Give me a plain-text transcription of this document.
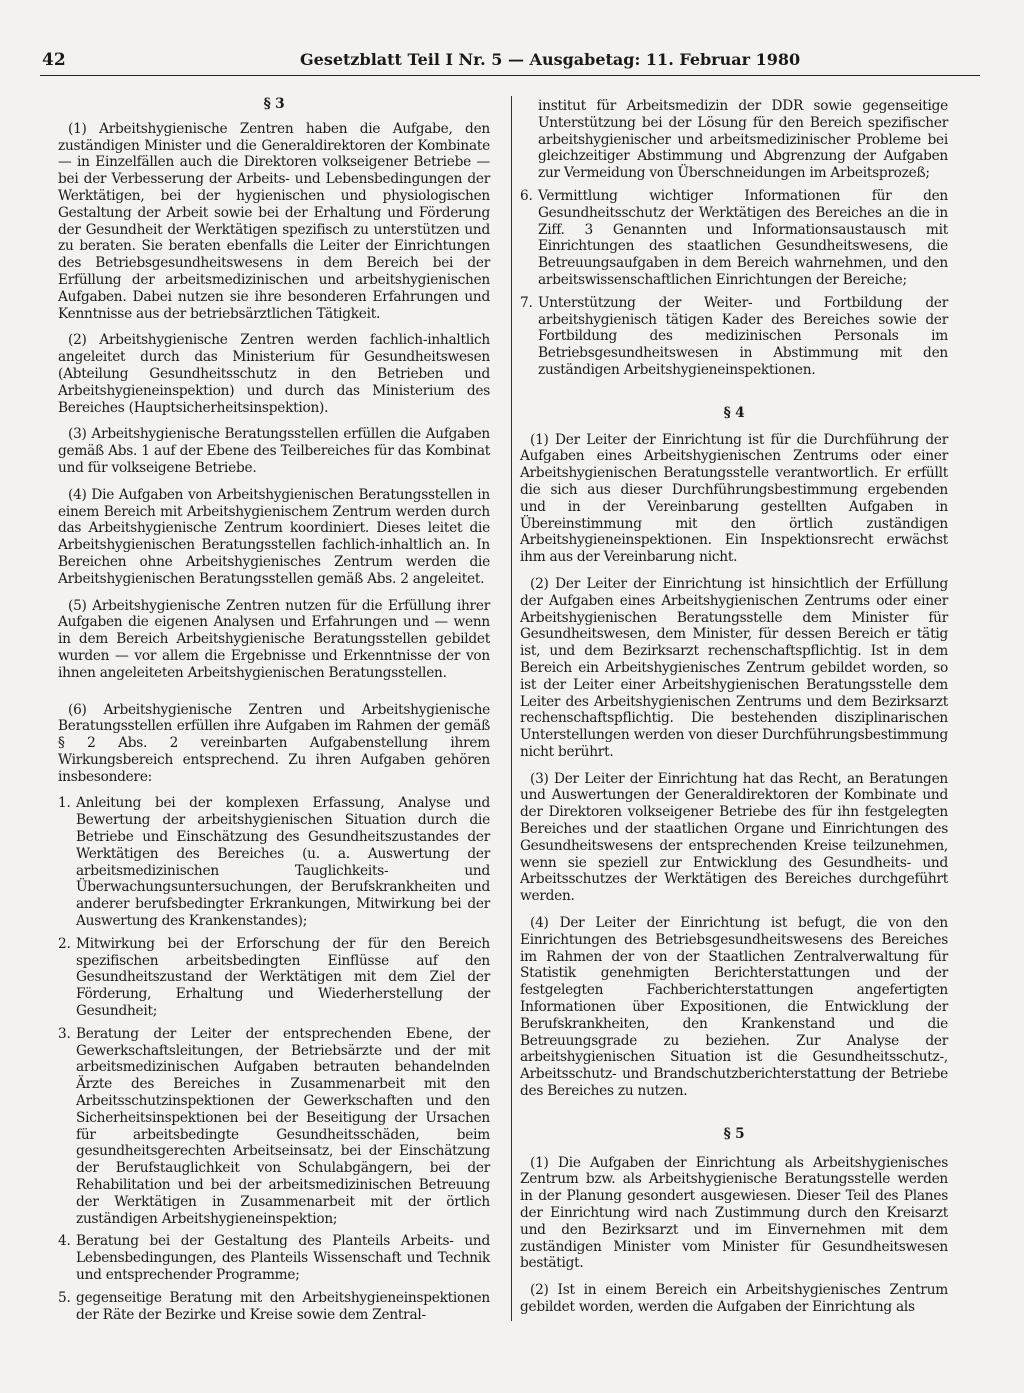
42	Gesetzblatt Teil I Nr. 5 — Ausgabetag: 11. Februar 1980
§ 3

(1) Arbeitshygienische Zentren haben die Aufgabe, den zuständigen Minister und die Generaldirektoren der Kombinate — in Einzelfällen auch die Direktoren volkseigener Betriebe — bei der Verbesserung der Arbeits- und Lebensbedingungen der Werktätigen, bei der hygienischen und physiologischen Gestaltung der Arbeit sowie bei der Erhaltung und Förderung der Gesundheit der Werktätigen spezifisch zu unterstützen und zu beraten. Sie beraten ebenfalls die Leiter der Einrichtungen des Betriebsgesundheitswesens in dem Bereich bei der Erfüllung der arbeitsmedizinischen und arbeitshygienischen Aufgaben. Dabei nutzen sie ihre besonderen Erfahrungen und Kenntnisse aus der betriebsärztlichen Tätigkeit.

(2) Arbeitshygienische Zentren werden fachlich-inhaltlich angeleitet durch das Ministerium für Gesundheitswesen (Abteilung Gesundheitsschutz in den Betrieben und Arbeitshygieneinspektion) und durch das Ministerium des Bereiches (Hauptsicherheitsinspektion).

(3) Arbeitshygienische Beratungsstellen erfüllen die Aufgaben gemäß Abs. 1 auf der Ebene des Teilbereiches für das Kombinat und für volkseigene Betriebe.

(4) Die Aufgaben von Arbeitshygienischen Beratungsstellen in einem Bereich mit Arbeitshygienischem Zentrum werden durch das Arbeitshygienische Zentrum koordiniert. Dieses leitet die Arbeitshygienischen Beratungsstellen fachlich-inhaltlich an. In Bereichen ohne Arbeitshygienisches Zentrum werden die Arbeitshygienischen Beratungsstellen gemäß Abs. 2 angeleitet.

(5) Arbeitshygienische Zentren nutzen für die Erfüllung ihrer Aufgaben die eigenen Analysen und Erfahrungen und — wenn in dem Bereich Arbeitshygienische Beratungsstellen gebildet wurden — vor allem die Ergebnisse und Erkenntnisse der von ihnen angeleiteten Arbeitshygienischen Beratungsstellen.

(6) Arbeitshygienische Zentren und Arbeitshygienische Beratungsstellen erfüllen ihre Aufgaben im Rahmen der gemäß § 2 Abs. 2 vereinbarten Aufgabenstellung ihrem Wirkungsbereich entsprechend. Zu ihren Aufgaben gehören insbesondere:

1. Anleitung bei der komplexen Erfassung, Analyse und Bewertung der arbeitshygienischen Situation durch die Betriebe und Einschätzung des Gesundheitszustandes der Werktätigen des Bereiches (u. a. Auswertung der arbeitsmedizinischen Tauglichkeits- und Überwachungsuntersuchungen, der Berufskrankheiten und anderer berufsbedingter Erkrankungen, Mitwirkung bei der Auswertung des Krankenstandes);
2. Mitwirkung bei der Erforschung der für den Bereich spezifischen arbeitsbedingten Einflüsse auf den Gesundheitszustand der Werktätigen mit dem Ziel der Förderung, Erhaltung und Wiederherstellung der Gesundheit;
3. Beratung der Leiter der entsprechenden Ebene, der Gewerkschaftsleitungen, der Betriebsärzte und der mit arbeitsmedizinischen Aufgaben betrauten behandelnden Ärzte des Bereiches in Zusammenarbeit mit den Arbeitsschutzinspektionen der Gewerkschaften und den Sicherheitsinspektionen bei der Beseitigung der Ursachen für arbeitsbedingte Gesundheitsschäden, beim gesundheitsgerechten Arbeitseinsatz, bei der Einschätzung der Berufstauglichkeit von Schulabgängern, bei der Rehabilitation und bei der arbeitsmedizinischen Betreuung der Werktätigen in Zusammenarbeit mit der örtlich zuständigen Arbeitshygieneinspektion;
4. Beratung bei der Gestaltung des Planteils Arbeits- und Lebensbedingungen, des Planteils Wissenschaft und Technik und entsprechender Programme;
5. gegenseitige Beratung mit den Arbeitshygieneinspektionen der Räte der Bezirke und Kreise sowie dem Zentral-
institut für Arbeitsmedizin der DDR sowie gegenseitige Unterstützung bei der Lösung für den Bereich spezifischer arbeitshygienischer und arbeitsmedizinischer Probleme bei gleichzeitiger Abstimmung und Abgrenzung der Aufgaben zur Vermeidung von Überschneidungen im Arbeitsprozeß;
6. Vermittlung wichtiger Informationen für den Gesundheitsschutz der Werktätigen des Bereiches an die in Ziff. 3 Genannten und Informationsaustausch mit Einrichtungen des staatlichen Gesundheitswesens, die Betreuungsaufgaben in dem Bereich wahrnehmen, und den arbeitswissenschaftlichen Einrichtungen der Bereiche;
7. Unterstützung der Weiter- und Fortbildung der arbeitshygienisch tätigen Kader des Bereiches sowie der Fortbildung des medizinischen Personals im Betriebsgesundheitswesen in Abstimmung mit den zuständigen Arbeitshygieneinspektionen.
§ 4

(1) Der Leiter der Einrichtung ist für die Durchführung der Aufgaben eines Arbeitshygienischen Zentrums oder einer Arbeitshygienischen Beratungsstelle verantwortlich. Er erfüllt die sich aus dieser Durchführungsbestimmung ergebenden und in der Vereinbarung gestellten Aufgaben in Übereinstimmung mit den örtlich zuständigen Arbeitshygieneinspektionen. Ein Inspektionsrecht erwächst ihm aus der Vereinbarung nicht.

(2) Der Leiter der Einrichtung ist hinsichtlich der Erfüllung der Aufgaben eines Arbeitshygienischen Zentrums oder einer Arbeitshygienischen Beratungsstelle dem Minister für Gesundheitswesen, dem Minister, für dessen Bereich er tätig ist, und dem Bezirksarzt rechenschaftspflichtig. Ist in dem Bereich ein Arbeitshygienisches Zentrum gebildet worden, so ist der Leiter einer Arbeitshygienischen Beratungsstelle dem Leiter des Arbeitshygienischen Zentrums und dem Bezirksarzt rechenschaftspflichtig. Die bestehenden disziplinarischen Unterstellungen werden von dieser Durchführungsbestimmung nicht berührt.

(3) Der Leiter der Einrichtung hat das Recht, an Beratungen und Auswertungen der Generaldirektoren der Kombinate und der Direktoren volkseigener Betriebe des für ihn festgelegten Bereiches und der staatlichen Organe und Einrichtungen des Gesundheitswesens der entsprechenden Kreise teilzunehmen, wenn sie speziell zur Entwicklung des Gesundheits- und Arbeitsschutzes der Werktätigen des Bereiches durchgeführt werden.

(4) Der Leiter der Einrichtung ist befugt, die von den Einrichtungen des Betriebsgesundheitswesens des Bereiches im Rahmen der von der Staatlichen Zentralverwaltung für Statistik genehmigten Berichterstattungen und der festgelegten Fachberichterstattungen angefertigten Informationen über Expositionen, die Entwicklung der Berufskrankheiten, den Krankenstand und die Betreuungsgrade zu beziehen. Zur Analyse der arbeitshygienischen Situation ist die Gesundheitsschutz-, Arbeitsschutz- und Brandschutzberichterstattung der Betriebe des Bereiches zu nutzen.

§ 5

(1) Die Aufgaben der Einrichtung als Arbeitshygienisches Zentrum bzw. als Arbeitshygienische Beratungsstelle werden in der Planung gesondert ausgewiesen. Dieser Teil des Planes der Einrichtung wird nach Zustimmung durch den Kreisarzt und den Bezirksarzt und im Einvernehmen mit dem zuständigen Minister vom Minister für Gesundheitswesen bestätigt.

(2) Ist in einem Bereich ein Arbeitshygienisches Zentrum gebildet worden, werden die Aufgaben der Einrichtung als
